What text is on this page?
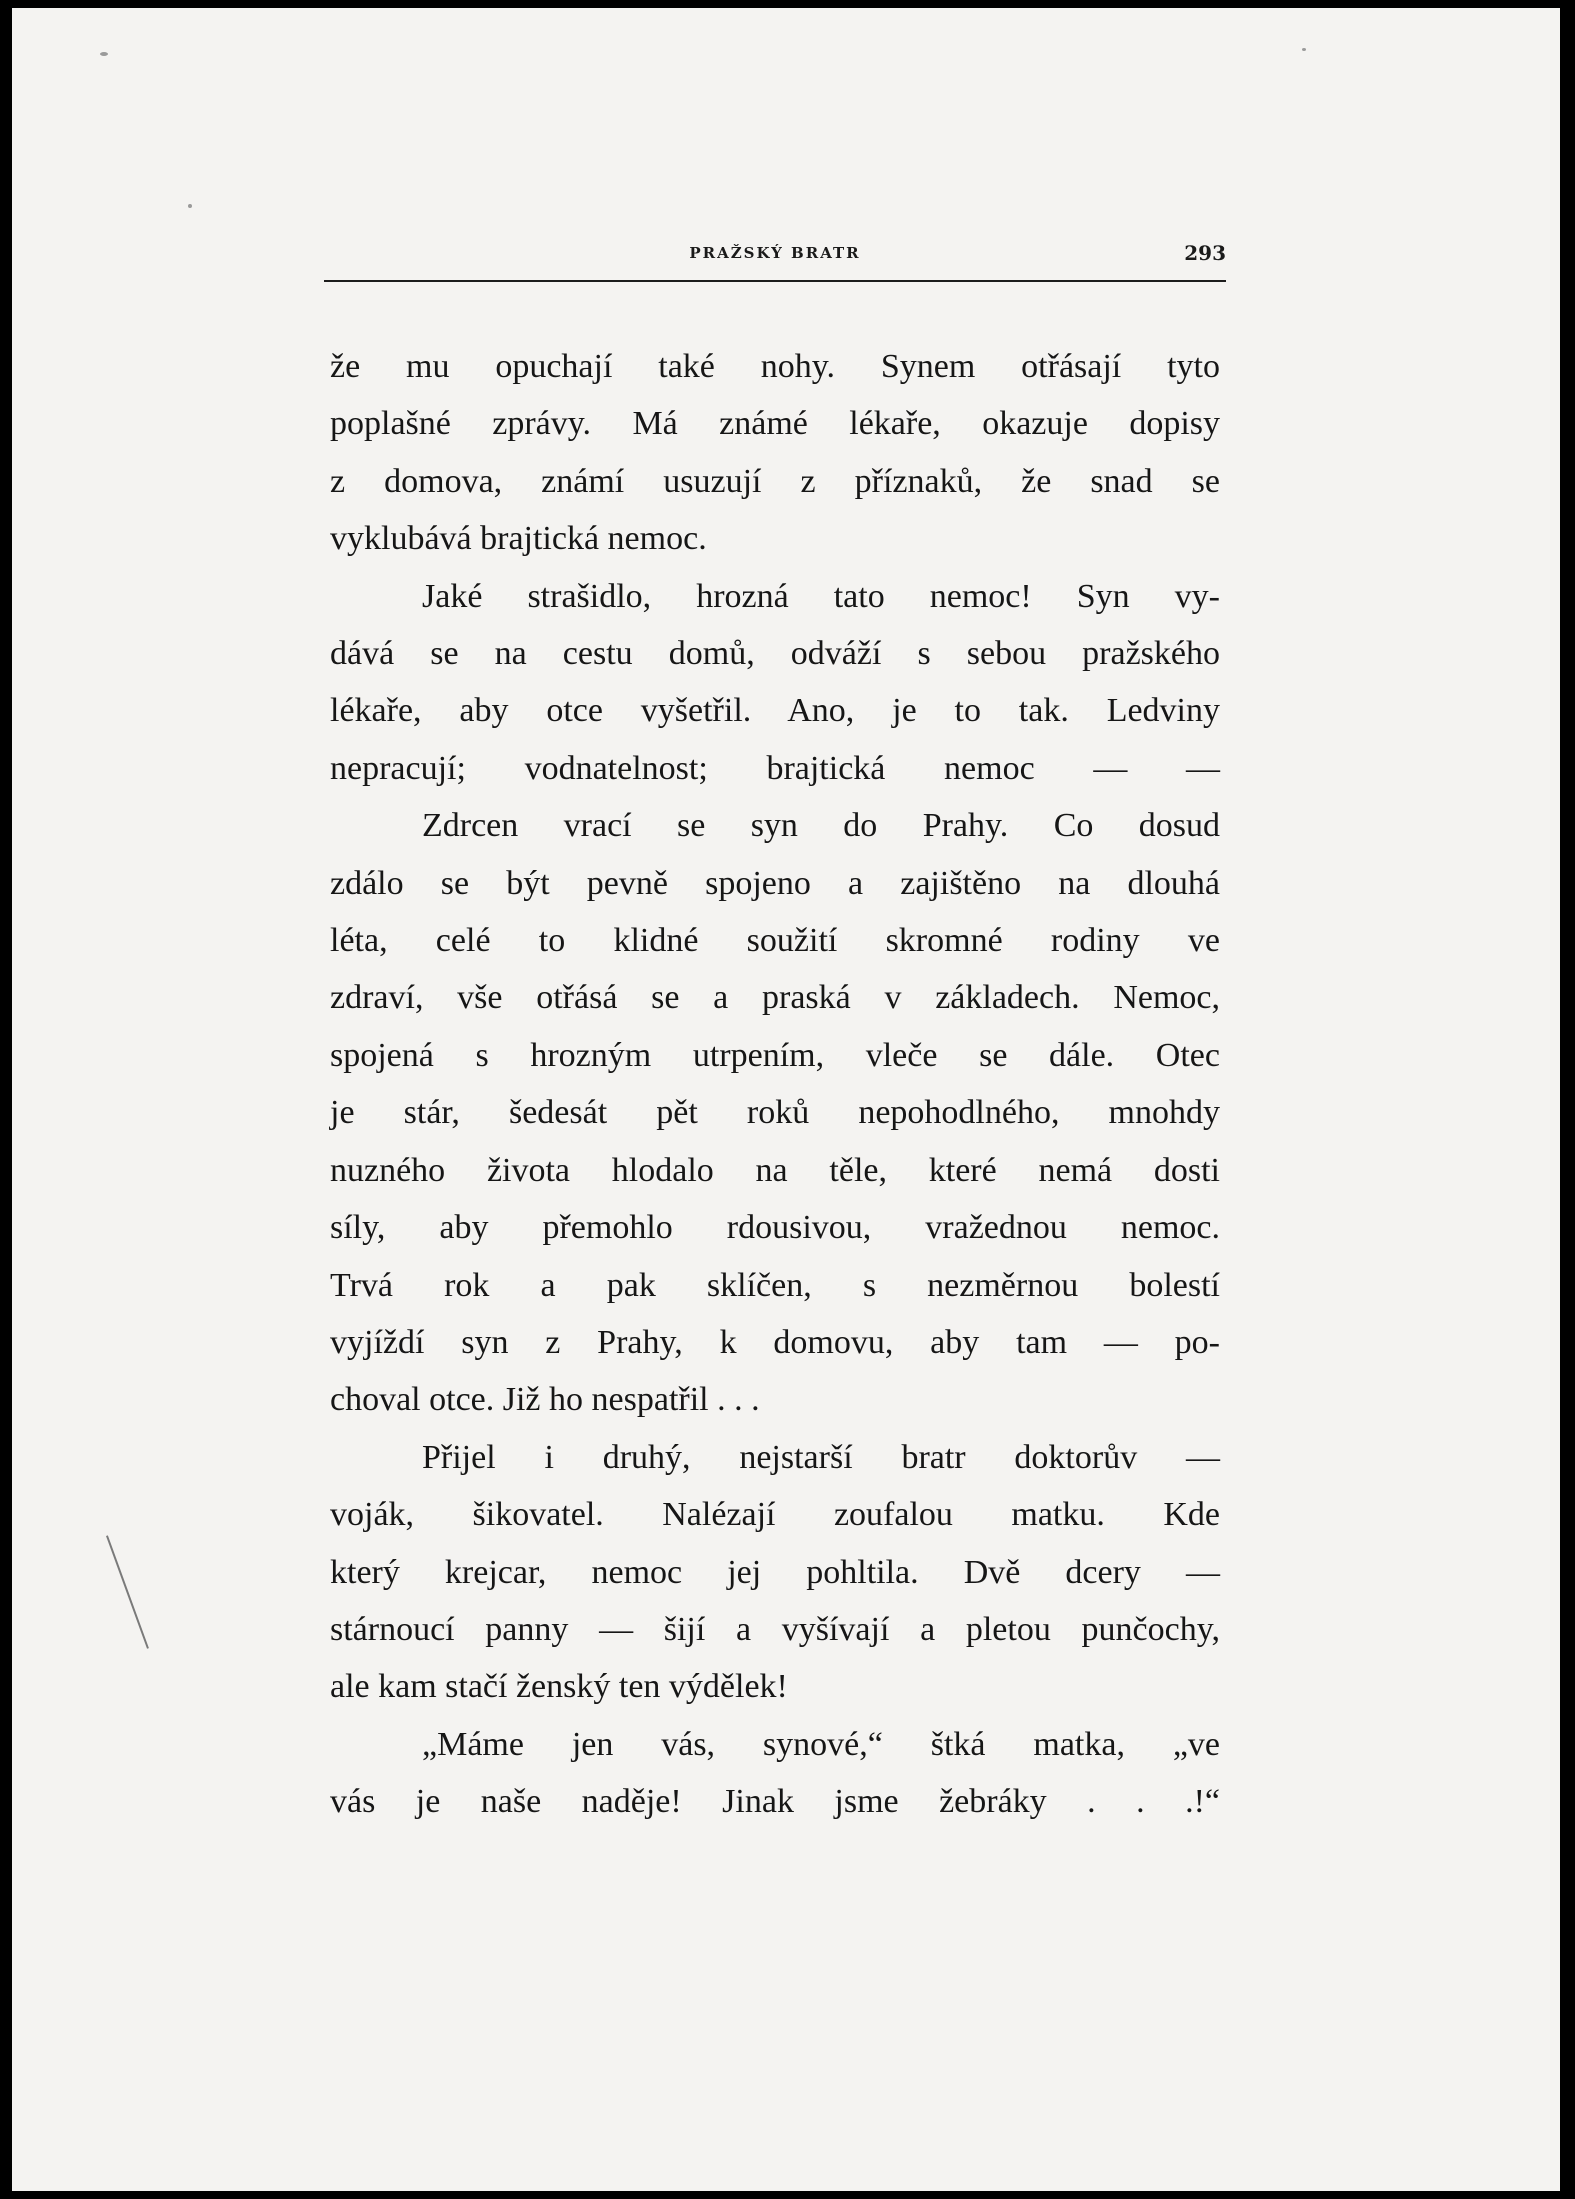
PRAŽSKÝ BRATR	293
že mu opuchají také nohy. Synem otřásají tyto
poplašné zprávy. Má známé lékaře, okazuje dopisy
z domova, známí usuzují z příznaků, že snad se
vyklubává brajtická nemoc.
Jaké strašidlo, hrozná tato nemoc! Syn vy-
dává se na cestu domů, odváží s sebou pražského
lékaře, aby otce vyšetřil. Ano, je to tak. Ledviny
nepracují; vodnatelnost; brajtická nemoc — —
Zdrcen vrací se syn do Prahy. Co dosud
zdálo se být pevně spojeno a zajištěno na dlouhá
léta, celé to klidné soužití skromné rodiny ve
zdraví, vše otřásá se a praská v základech. Nemoc,
spojená s hrozným utrpením, vleče se dále. Otec
je stár, šedesát pět roků nepohodlného, mnohdy
nuzného života hlodalo na těle, které nemá dosti
síly, aby přemohlo rdousivou, vražednou nemoc.
Trvá rok a pak sklíčen, s nezměrnou bolestí
vyjíždí syn z Prahy, k domovu, aby tam — po-
choval otce. Již ho nespatřil . . .
Přijel i druhý, nejstarší bratr doktorův —
voják, šikovatel. Nalézají zoufalou matku. Kde
který krejcar, nemoc jej pohltila. Dvě dcery —
stárnoucí panny — šijí a vyšívají a pletou punčochy,
ale kam stačí ženský ten výdělek!
„Máme jen vás, synové,“ štká matka, „ve
vás je naše naděje! Jinak jsme žebráky . . .!“
